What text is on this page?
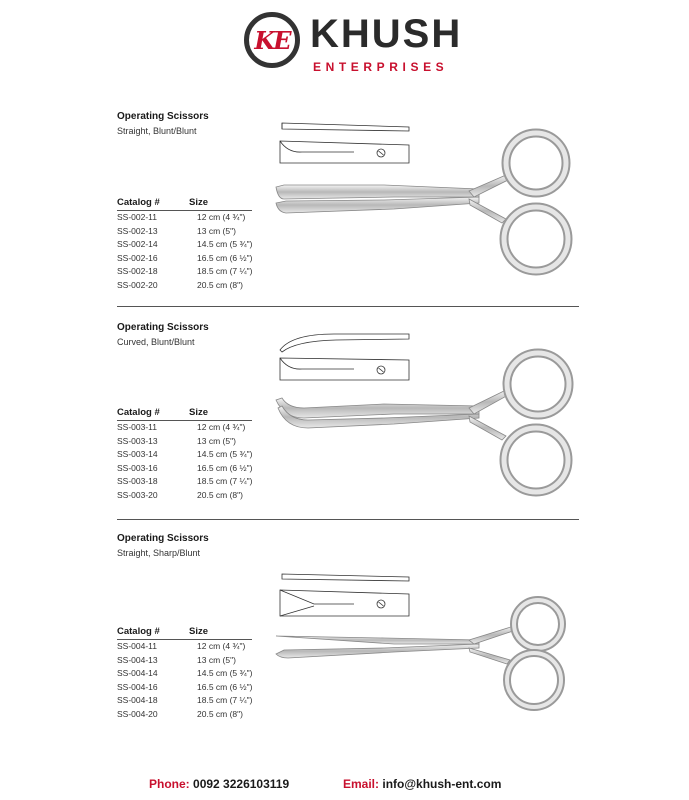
KE KHUSH
ENTERPRISES
Operating Scissors
Straight, Blunt/Blunt
Catalog #	Size
SS-002-11	12 cm (4 ¾")
SS-002-13	13 cm (5")
SS-002-14	14.5 cm (5 ¾")
SS-002-16	16.5 cm (6 ½")
SS-002-18	18.5 cm (7 ¼")
SS-002-20	20.5 cm (8")
Operating Scissors
Curved, Blunt/Blunt
Catalog #	Size
SS-003-11	12 cm (4 ¾")
SS-003-13	13 cm (5")
SS-003-14	14.5 cm (5 ¾")
SS-003-16	16.5 cm (6 ½")
SS-003-18	18.5 cm (7 ¼")
SS-003-20	20.5 cm (8")
Operating Scissors
Straight, Sharp/Blunt
Catalog #	Size
SS-004-11	12 cm (4 ¾")
SS-004-13	13 cm (5")
SS-004-14	14.5 cm (5 ¾")
SS-004-16	16.5 cm (6 ½")
SS-004-18	18.5 cm (7 ¼")
SS-004-20	20.5 cm (8")
Phone: 0092 3226103119	Email: info@khush-ent.com
